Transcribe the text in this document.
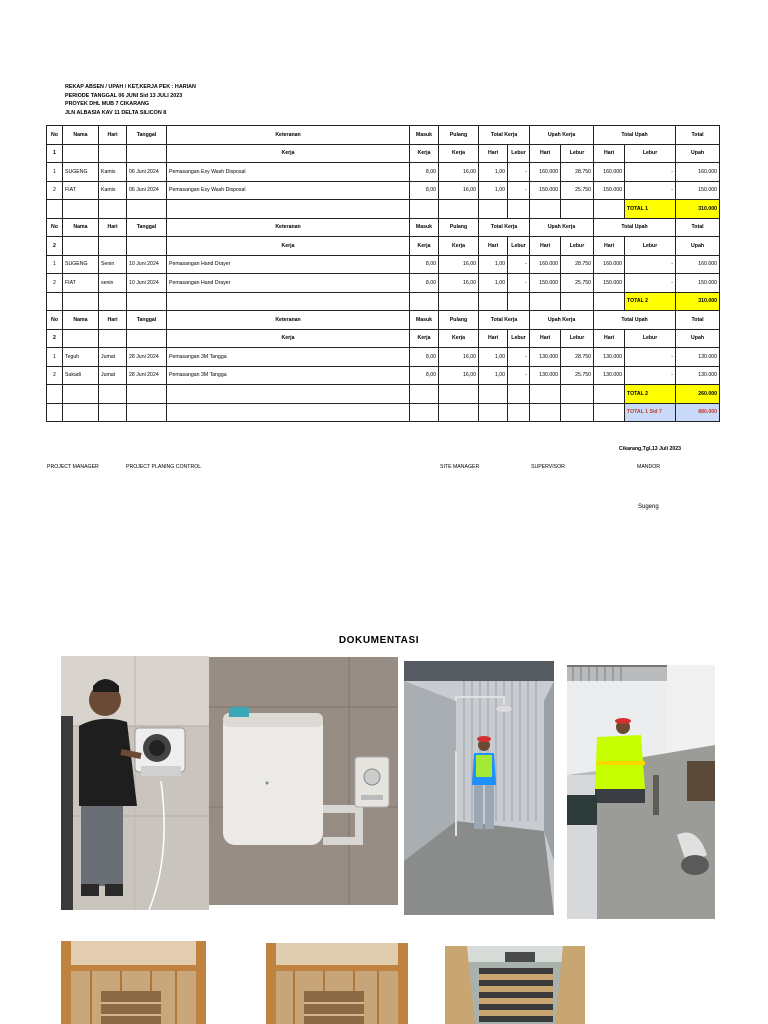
REKAP ABSEN / UPAH / KET,KERJA PEK : HARIAN
PERIODE TANGGAL 06 JUNI Sid 13 JULI 2023
PROYEK DHL MUB 7 CIKARANG
JLN ALBASIA KAV 11 DELTA SILICON 8
No	Nama	Hari	Tanggal	Keteranan	Masuk	Pulang	Total Kerja		Upah Kerja		Total Upah		Total
1				Kerja	Kerja	Kerja	Hari	Lebur	Hari	Lebur	Hari	Lebur	Upah
1	SUGENG	Kamis	06 Juni 2024	Pemasangan Esy Wash Disposal	8,00	16,00	1,00	-	160.000	28.750	160.000	-	160.000
2	FIAT	Kamis	06 Juni 2024	Pemasangan Esy Wash Disposal	8,00	16,00	1,00	-	150.000	25.750	150.000	-	150.000
												TOTAL 1	310.000
No	Nama	Hari	Tanggal	Keteranan	Masuk	Pulang	Total Kerja		Upah Kerja		Total Upah		Total
2				Kerja	Kerja	Kerja	Hari	Lebur	Hari	Lebur	Hari	Lebur	Upah
1	SUGENG	Senin	10 Juni 2024	Pemasangan Hand Drayer	8,00	16,00	1,00	-	160.000	28.750	160.000	-	160.000
2	FIAT	senin	10 Juni 2024	Pemasangan Hand Drayer	8,00	16,00	1,00	-	150.000	25.750	150.000	-	150.000
												TOTAL 2	310.000
No	Nama	Hari	Tanggal	Keteranan	Masuk	Pulang	Total Kerja		Upah Kerja		Total Upah		Total
2				Kerja	Kerja	Kerja	Hari	Lebur	Hari	Lebur	Hari	Lebur	Upah
1	Teguh	Jumat	28 Juni 2024	Pemasangan 3M Tangga	8,00	16,00	1,00	-	130.000	28.750	130.000	-	130.000
2	Sukadi	Jumat	28 Juni 2024	Pemasangan 3M Tangga	8,00	16,00	1,00	-	130.000	25.750	130.000	-	130.000
												TOTAL 2	260.000
												TOTAL 1 Sid 7	880.000
Cikarang,Tgl,13 Juli 2023
PROJECT MANAGER	PROJECT PLANING CONTROL	SITE MANAGER	SUPERVISOR	MANDOR
Sugeng
DOKUMENTASI
